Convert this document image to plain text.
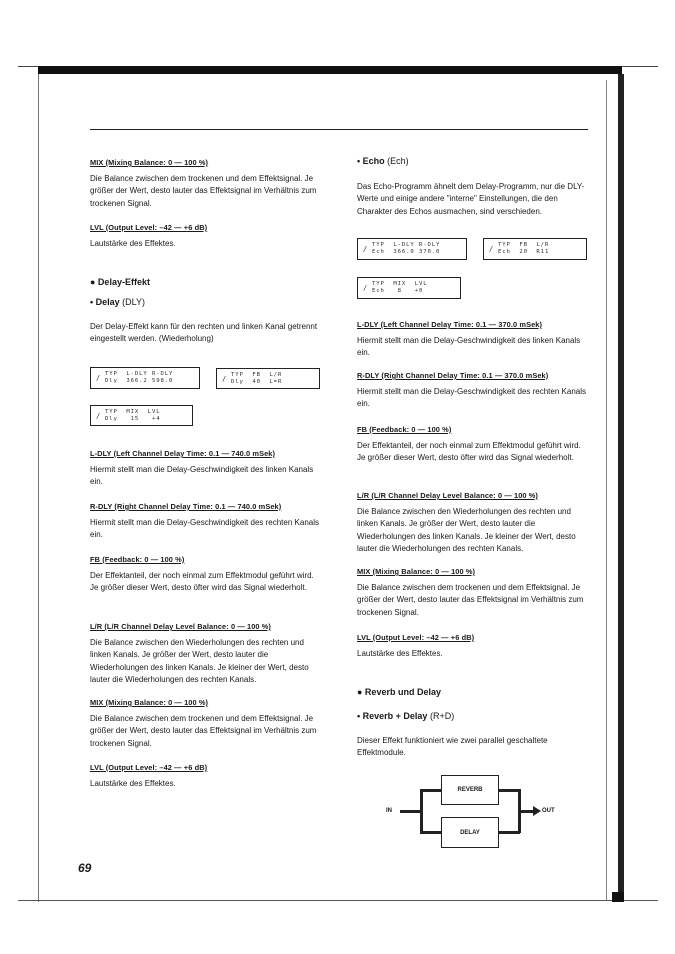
MIX (Mixing Balance: 0 — 100 %)
Die Balance zwischen dem trockenen und dem Effektsignal. Je größer der Wert, desto lauter das Effektsignal im Verhältnis zum trockenen Signal.
LVL (Output Level: –42 — +6 dB)
Lautstärke des Effektes.
● Delay-Effekt
• Delay (DLY)
Der Delay-Effekt kann für den rechten und linken Kanal getrennt eingestellt werden. (Wiederholung)
/ TYP  L-DLY R-DLY
Dly  366.2 598.0	/ TYP  FB  L/R
Dly  40  L=R
/ TYP  MIX  LVL
Dly   15   +4
L-DLY (Left Channel Delay Time: 0.1 — 740.0 mSek)
Hiermit stellt man die Delay-Geschwindigkeit des linken Kanals ein.
R-DLY (Right Channel Delay Time: 0.1 — 740.0 mSek)
Hiermit stellt man die Delay-Geschwindigkeit des rechten Kanals ein.
FB (Feedback: 0 — 100 %)
Der Effektanteil, der noch einmal zum Effektmodul geführt wird. Je größer dieser Wert, desto öfter wird das Signal wiederholt.
L/R (L/R Channel Delay Level Balance: 0 — 100 %)
Die Balance zwischen den Wiederholungen des rechten und linken Kanals. Je größer der Wert, desto lauter die Wiederholungen des linken Kanals. Je kleiner der Wert, desto lauter die Wiederholungen des rechten Kanals.
MIX (Mixing Balance: 0 — 100 %)
Die Balance zwischen dem trockenen und dem Effektsignal. Je größer der Wert, desto lauter das Effektsignal im Verhältnis zum trockenen Signal.
LVL (Output Level: –42 — +6 dB)
Lautstärke des Effektes.
69
• Echo (Ech)
Das Echo-Programm ähnelt dem Delay-Programm, nur die DLY-Werte und einige andere "interne" Einstellungen, die den Charakter des Echos ausmachen, sind verschieden.
/ TYP  L-DLY R-DLY
Ech  366.0 370.0	/ TYP  FB  L/R
Ech  20  R11
/ TYP  MIX  LVL
Ech   8   +0
L-DLY (Left Channel Delay Time: 0.1 — 370.0 mSek)
Hiermit stellt man die Delay-Geschwindigkeit des linken Kanals ein.
R-DLY (Right Channel Delay Time: 0.1 — 370.0 mSek)
Hiermit stellt man die Delay-Geschwindigkeit des rechten Kanals ein.
FB (Feedback: 0 — 100 %)
Der Effektanteil, der noch einmal zum Effektmodul geführt wird. Je größer dieser Wert, desto öfter wird das Signal wiederholt.
L/R (L/R Channel Delay Level Balance: 0 — 100 %)
Die Balance zwischen den Wiederholungen des rechten und linken Kanals. Je größer der Wert, desto lauter die Wiederholungen des linken Kanals. Je kleiner der Wert, desto lauter die Wiederholungen des rechten Kanals.
MIX (Mixing Balance: 0 — 100 %)
Die Balance zwischen dem trockenen und dem Effektsignal. Je größer der Wert, desto lauter das Effektsignal im Verhältnis zum trockenen Signal.
LVL (Output Level: –42 — +6 dB)
Lautstärke des Effektes.
● Reverb und Delay
• Reverb + Delay (R+D)
Dieser Effekt funktioniert wie zwei parallel geschaltete Effektmodule.
IN
REVERB
DELAY
OUT
